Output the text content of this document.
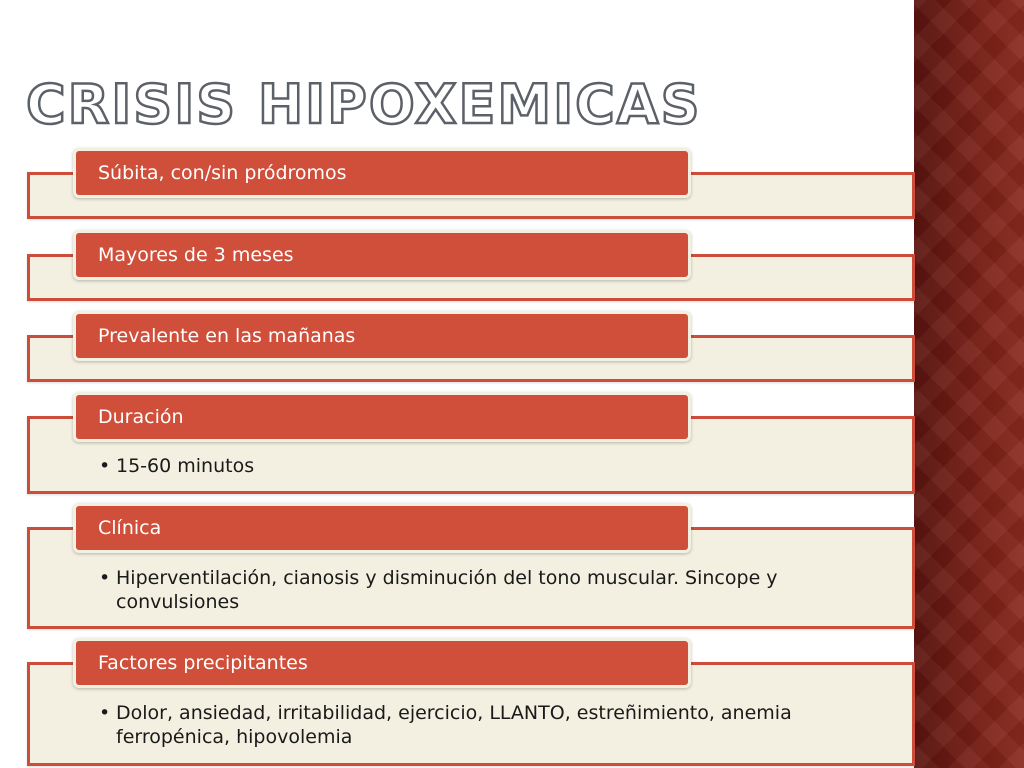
CRISIS HIPOXEMICAS
Súbita, con/sin pródromos
Mayores de 3 meses
Prevalente en las mañanas
Duración
• 15-60 minutos
Clínica
• Hiperventilación, cianosis y disminución del tono muscular. Sincope y convulsiones
Factores precipitantes
• Dolor, ansiedad, irritabilidad, ejercicio, LLANTO, estreñimiento, anemia ferropénica, hipovolemia
